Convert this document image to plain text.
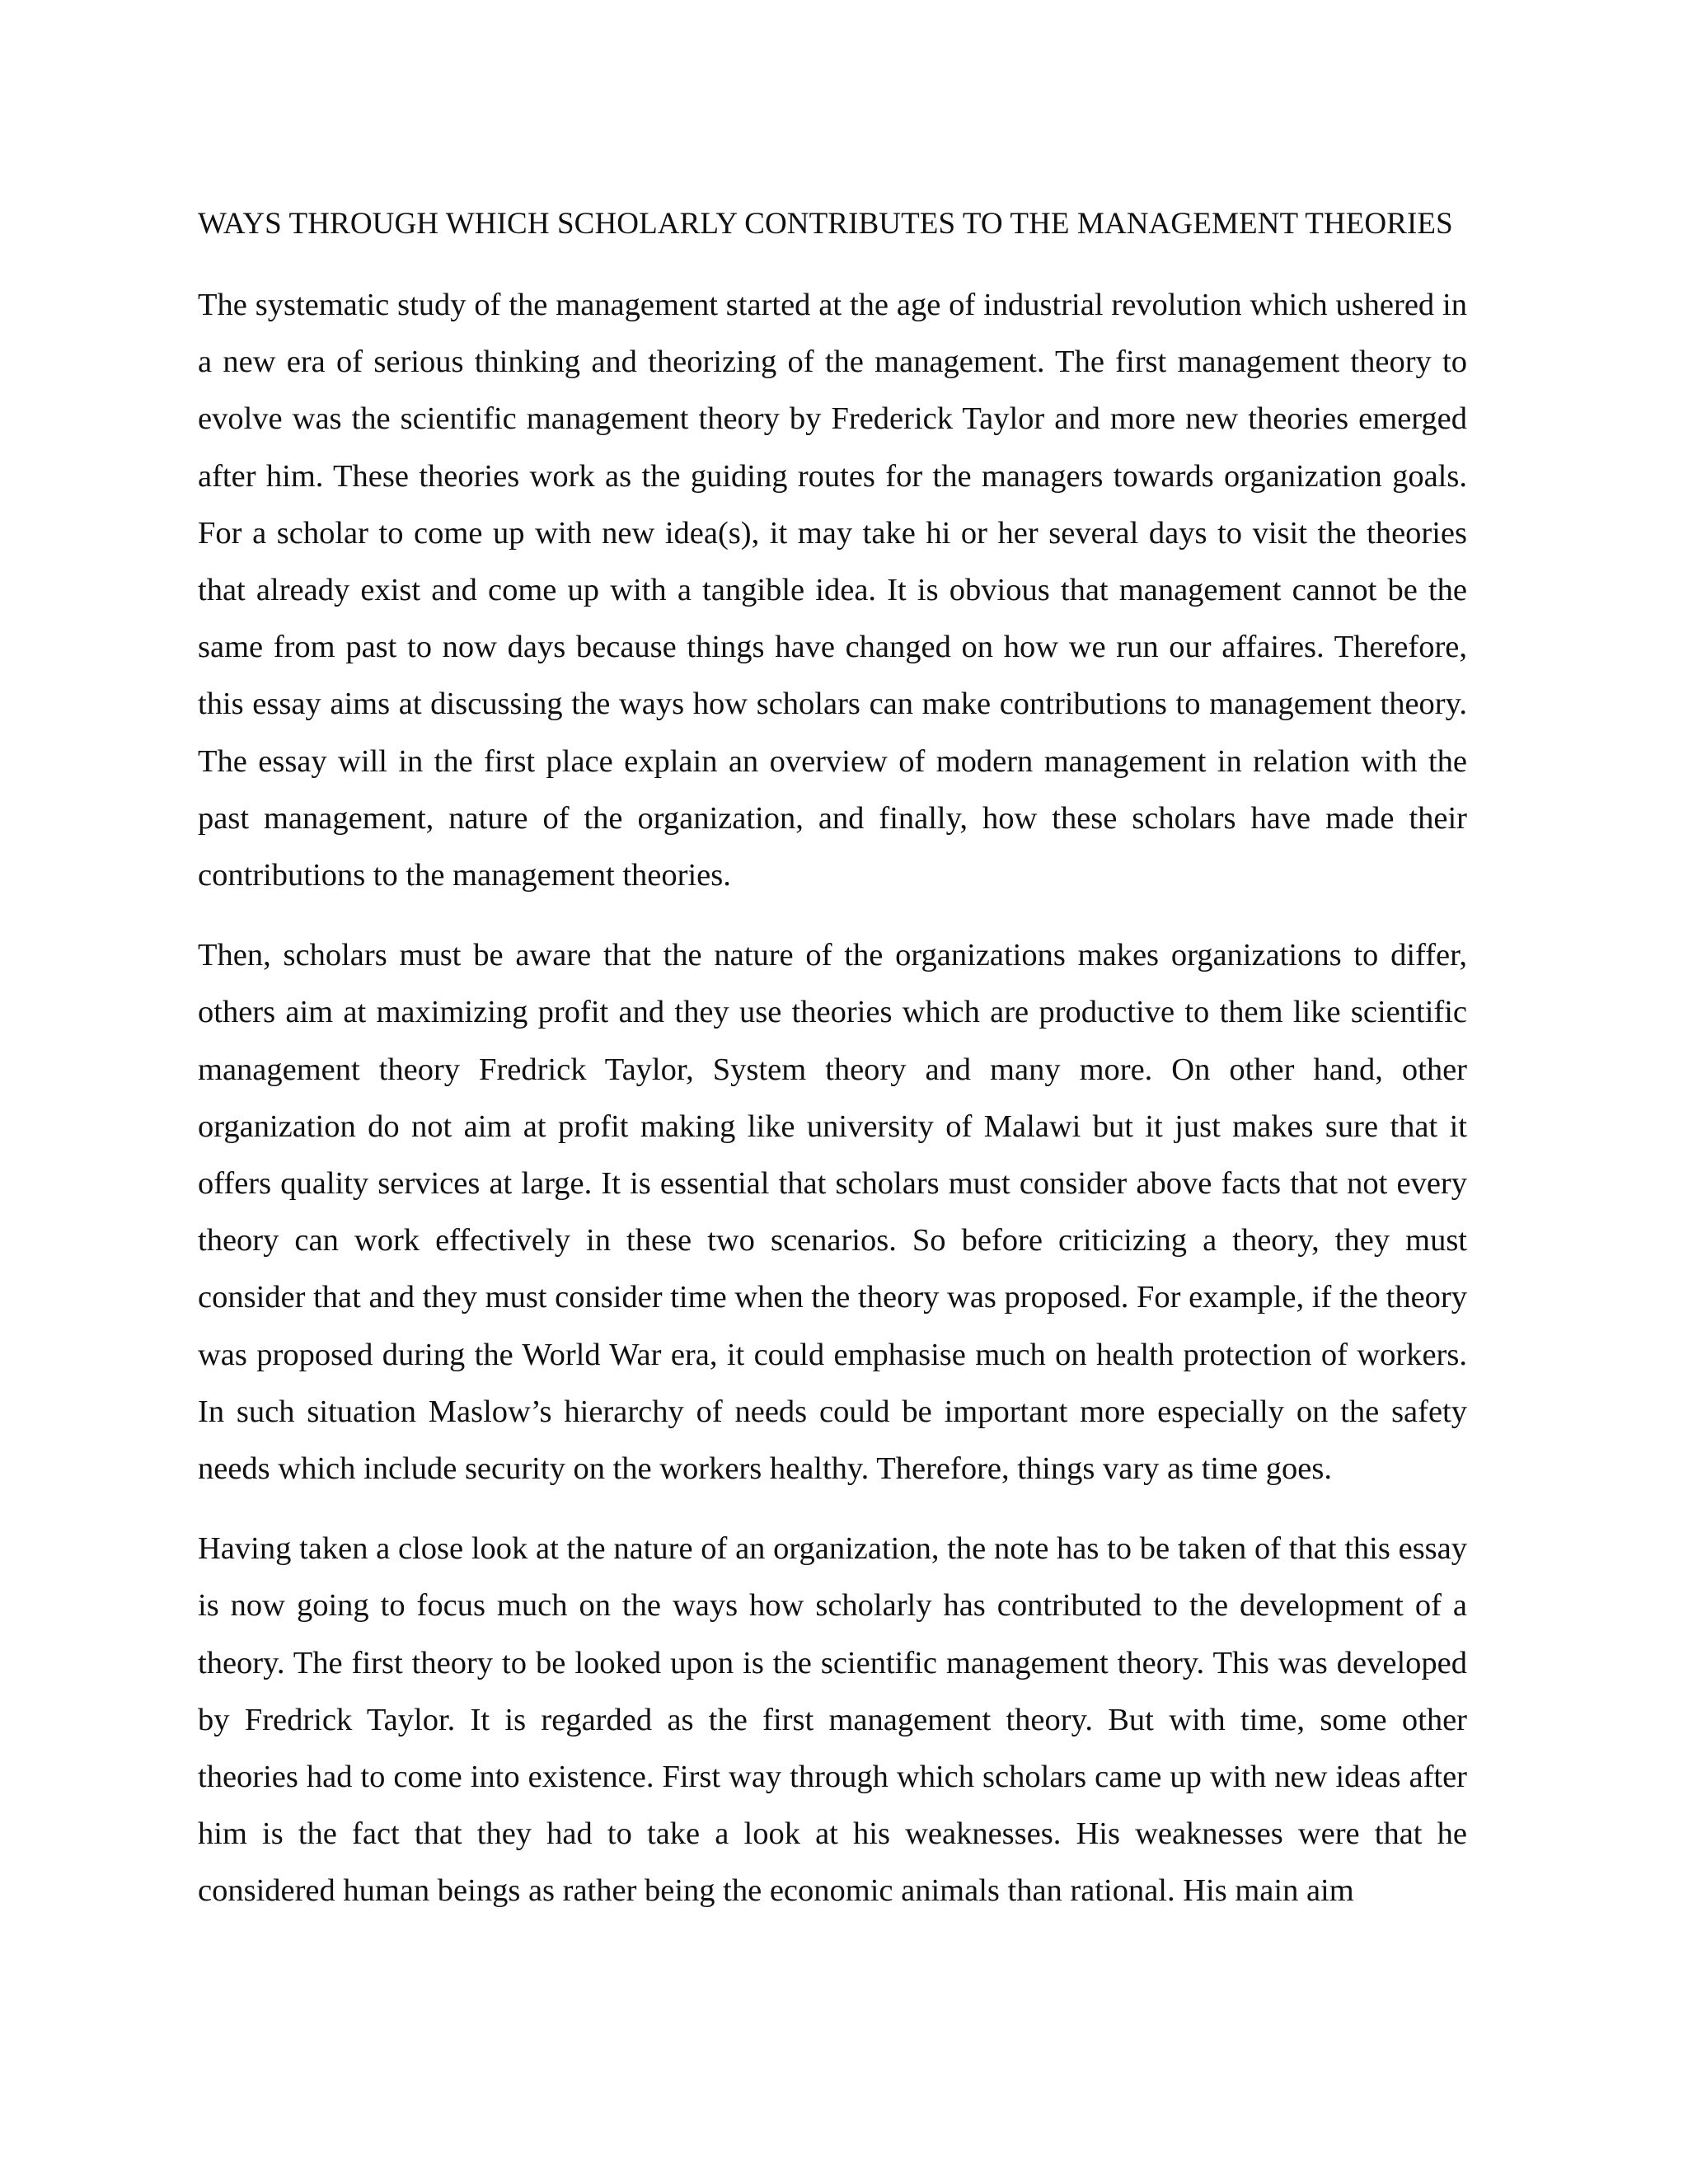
WAYS THROUGH WHICH SCHOLARLY CONTRIBUTES TO THE MANAGEMENT THEORIES

The systematic study of the management started at the age of industrial revolution which ushered in a new era of serious thinking and theorizing of the management. The first management theory to evolve was the scientific management theory by Frederick Taylor and more new theories emerged after him. These theories work as the guiding routes for the managers towards organization goals. For a scholar to come up with new idea(s), it may take hi or her several days to visit the theories that already exist and come up with a tangible idea. It is obvious that management cannot be the same from past to now days because things have changed on how we run our affaires. Therefore, this essay aims at discussing the ways how scholars can make contributions to management theory. The essay will in the first place explain an overview of modern management in relation with the past management, nature of the organization, and finally, how these scholars have made their contributions to the management theories.

Then, scholars must be aware that the nature of the organizations makes organizations to differ, others aim at maximizing profit and they use theories which are productive to them like scientific management theory Fredrick Taylor, System theory and many more. On other hand, other organization do not aim at profit making like university of Malawi but it just makes sure that it offers quality services at large. It is essential that scholars must consider above facts that not every theory can work effectively in these two scenarios. So before criticizing a theory, they must consider that and they must consider time when the theory was proposed. For example, if the theory was proposed during the World War era, it could emphasise much on health protection of workers. In such situation Maslow’s hierarchy of needs could be important more especially on the safety needs which include security on the workers healthy. Therefore, things vary as time goes.

Having taken a close look at the nature of an organization, the note has to be taken of that this essay is now going to focus much on the ways how scholarly has contributed to the development of a theory. The first theory to be looked upon is the scientific management theory. This was developed by Fredrick Taylor. It is regarded as the first management theory. But with time, some other theories had to come into existence. First way through which scholars came up with new ideas after him is the fact that they had to take a look at his weaknesses. His weaknesses were that he considered human beings as rather being the economic animals than rational. His main aim
